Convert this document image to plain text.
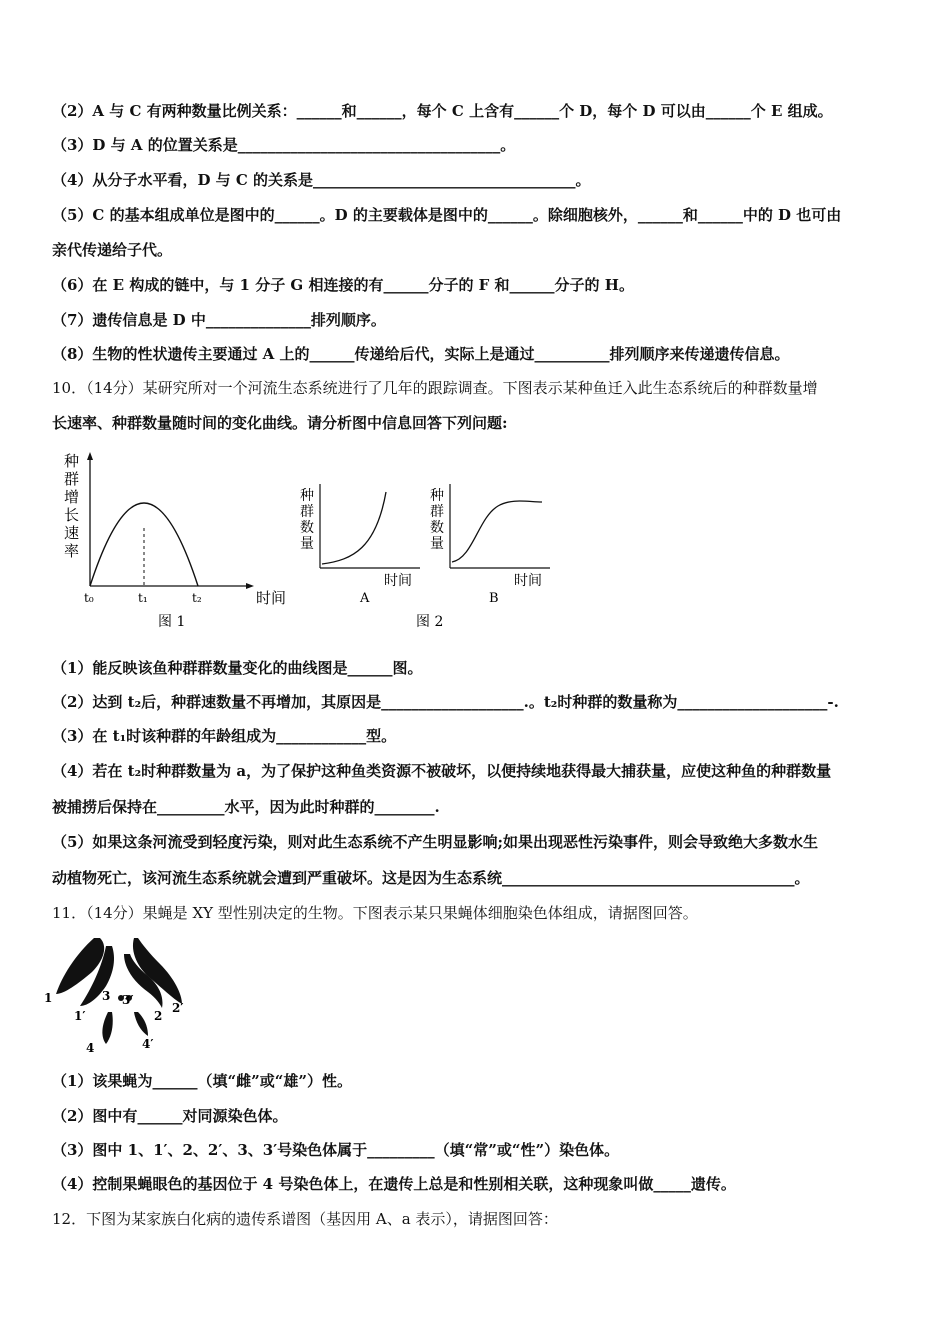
（2）A 与 C 有两种数量比例关系：______和______，每个 C 上含有______个 D，每个 D 可以由______个 E 组成。
（3）D 与 A 的位置关系是___________________________________。
（4）从分子水平看，D 与 C 的关系是___________________________________。
（5）C 的基本组成单位是图中的______。D 的主要载体是图中的______。除细胞核外，______和______中的 D 也可由
亲代传递给子代。
（6）在 E 构成的链中，与 1 分子 G 相连接的有______分子的 F 和______分子的 H。
（7）遗传信息是 D 中______________排列顺序。
（8）生物的性状遗传主要通过 A 上的______传递给后代，实际上是通过__________排列顺序来传递遗传信息。
10．（14分）某研究所对一个河流生态系统进行了几年的跟踪调查。下图表示某种鱼迁入此生态系统后的种群数量增
长速率、种群数量随时间的变化曲线。请分析图中信息回答下列问题:
种
群
增
长
速
率
t₀	t₁	t₂	时间
图 1
种
群
数
量
时间
A
种
群
数
量
时间
B
图 2
（1）能反映该鱼种群群数量变化的曲线图是______图。
（2）达到 t₂后，种群速数量不再增加，其原因是___________________.。t₂时种群的数量称为____________________-.
（3）在 t₁时该种群的年龄组成为____________型。
（4）若在 t₂时种群数量为 a，为了保护这种鱼类资源不被破坏，以便持续地获得最大捕获量，应使这种鱼的种群数量
被捕捞后保持在_________水平，因为此时种群的________.
（5）如果这条河流受到轻度污染，则对此生态系统不产生明显影响;如果出现恶性污染事件，则会导致绝大多数水生
动植物死亡，该河流生态系统就会遭到严重破坏。这是因为生态系统_______________________________________。
11．（14分）果蝇是 XY 型性别决定的生物。下图表示某只果蝇体细胞染色体组成，请据图回答。
1
1′	2
2′
3 3′
4	4′
（1）该果蝇为______（填“雌”或“雄”）性。
（2）图中有______对同源染色体。
（3）图中 1、1′、2、2′、3、3′号染色体属于_________（填“常”或“性”）染色体。
（4）控制果蝇眼色的基因位于 4 号染色体上，在遗传上总是和性别相关联，这种现象叫做_____遗传。
12．下图为某家族白化病的遗传系谱图（基因用 A、a 表示），请据图回答：
